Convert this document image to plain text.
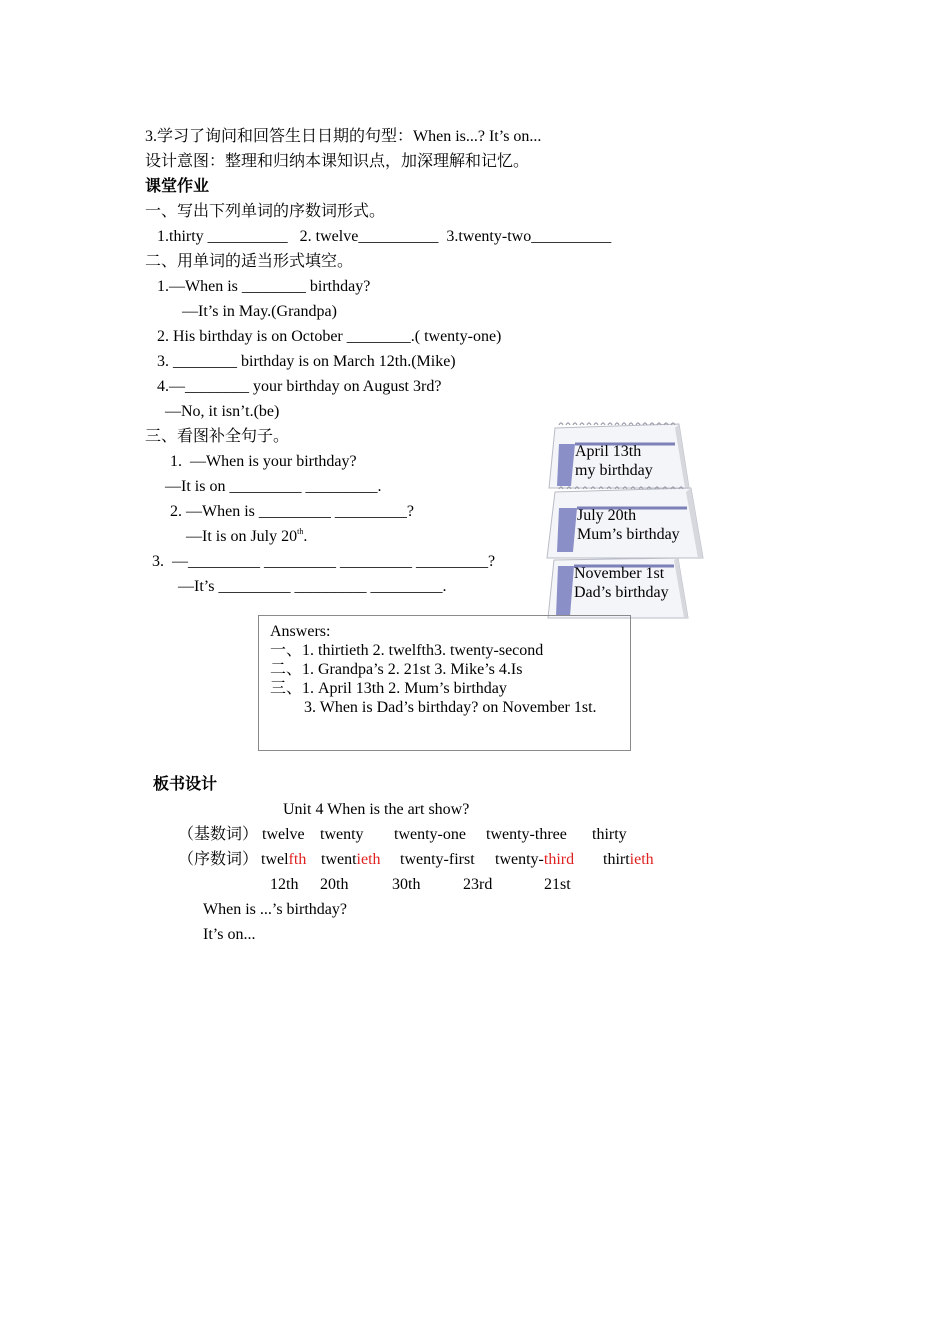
3.学习了询问和回答生日日期的句型：When is...? It’s on...
设计意图：整理和归纳本课知识点，加深理解和记忆。
课堂作业
一、写出下列单词的序数词形式。
1.thirty __________   2. twelve__________  3.twenty-two__________
二、用单词的适当形式填空。
1.—When is ________ birthday?
—It’s in May.(Grandpa)
2. His birthday is on October ________.( twenty-one)
3. ________ birthday is on March 12th.(Mike)
4.—________ your birthday on August 3rd?
—No, it isn’t.(be)
三、看图补全句子。
1.  —When is your birthday?
—It is on _________ _________.
2. —When is _________ _________?
—It is on July 20th.
3.  —_________ _________ _________ _________?
—It’s _________ _________ _________.
April 13th
my birthday
July 20th
Mum’s birthday
November 1st
Dad’s birthday
Answers:
一、1. thirtieth 2. twelfth3. twenty-second
二、1. Grandpa’s 2. 21st 3. Mike’s 4.Is
三、1. April 13th 2. Mum’s birthday
3. When is Dad’s birthday? on November 1st.
板书设计
Unit 4 When is the art show?
（基数词） twelve twenty twenty-one twenty-three thirty
（序数词） twelfth twentieth twenty-first twenty-third thirtieth
12th 20th	30th	23rd	21st
When is ...’s birthday?
It’s on...
